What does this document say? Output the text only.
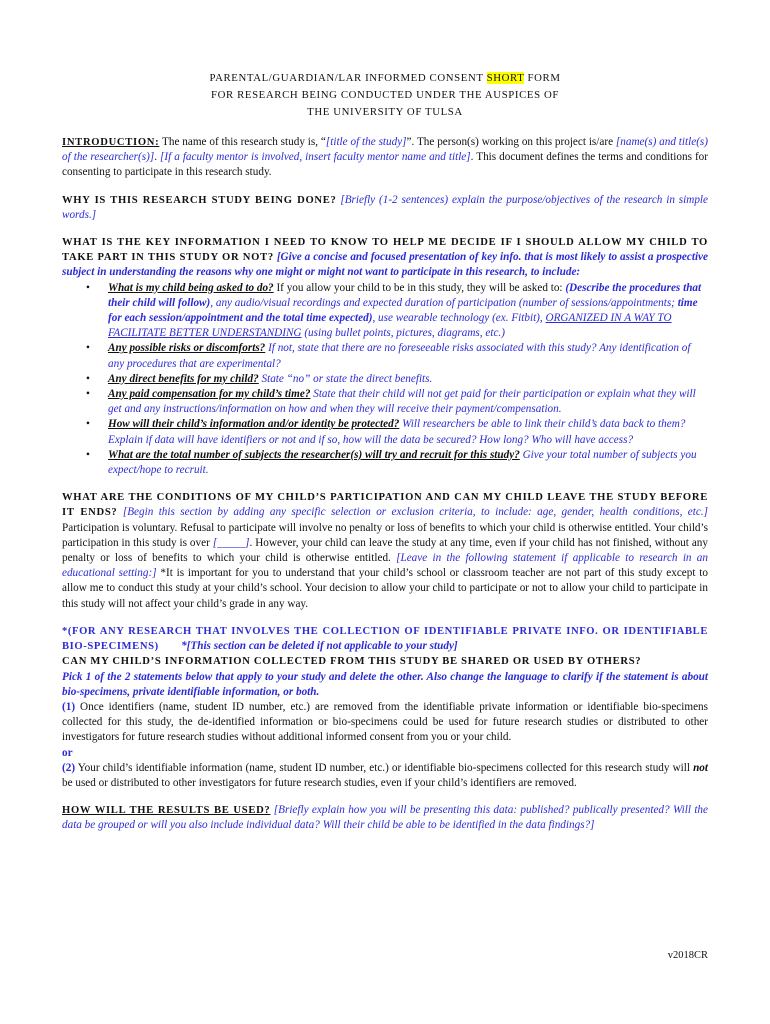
PARENTAL/GUARDIAN/LAR INFORMED CONSENT SHORT FORM
FOR RESEARCH BEING CONDUCTED UNDER THE AUSPICES OF
THE UNIVERSITY OF TULSA

INTRODUCTION: The name of this research study is, “[title of the study]”. The person(s) working on this project is/are [name(s) and title(s) of the researcher(s)]. [If a faculty mentor is involved, insert faculty mentor name and title]. This document defines the terms and conditions for consenting to participate in this research study.

WHY IS THIS RESEARCH STUDY BEING DONE? [Briefly (1-2 sentences) explain the purpose/objectives of the research in simple words.]

WHAT IS THE KEY INFORMATION I NEED TO KNOW TO HELP ME DECIDE IF I SHOULD ALLOW MY CHILD TO TAKE PART IN THIS STUDY OR NOT? [Give a concise and focused presentation of key info. that is most likely to assist a prospective subject in understanding the reasons why one might or might not want to participate in this research, to include:

• What is my child being asked to do? If you allow your child to be in this study, they will be asked to: (Describe the procedures that their child will follow), any audio/visual recordings and expected duration of participation (number of sessions/appointments; time for each session/appointment and the total time expected), use wearable technology (ex. Fitbit), ORGANIZED IN A WAY TO FACILITATE BETTER UNDERSTANDING (using bullet points, pictures, diagrams, etc.)
• Any possible risks or discomforts? If not, state that there are no foreseeable risks associated with this study? Any identification of any procedures that are experimental?
• Any direct benefits for my child? State “no” or state the direct benefits.
• Any paid compensation for my child’s time? State that their child will not get paid for their participation or explain what they will get and any instructions/information on how and when they will receive their payment/compensation.
• How will their child’s information and/or identity be protected? Will researchers be able to link their child’s data back to them? Explain if data will have identifiers or not and if so, how will the data be secured? How long? Who will have access?
• What are the total number of subjects the researcher(s) will try and recruit for this study? Give your total number of subjects you expect/hope to recruit.

WHAT ARE THE CONDITIONS OF MY CHILD’S PARTICIPATION AND CAN MY CHILD LEAVE THE STUDY BEFORE IT ENDS? [Begin this section by adding any specific selection or exclusion criteria, to include: age, gender, health conditions, etc.] Participation is voluntary. Refusal to participate will involve no penalty or loss of benefits to which your child is otherwise entitled. Your child’s participation in this study is over [_____]. However, your child can leave the study at any time, even if your child has not finished, without any penalty or loss of benefits to which your child is otherwise entitled. [Leave in the following statement if applicable to research in an educational setting:] *It is important for you to understand that your child’s school or classroom teacher are not part of this study except to allow me to conduct this study at your child’s school. Your decision to allow your child to participate or not to allow your child to participate in this study will not affect your child’s grade in any way.

*(FOR ANY RESEARCH THAT INVOLVES THE COLLECTION OF IDENTIFIABLE PRIVATE INFO. OR IDENTIFIABLE BIO-SPECIMENS) *[This section can be deleted if not applicable to your study]

CAN MY CHILD’S INFORMATION COLLECTED FROM THIS STUDY BE SHARED OR USED BY OTHERS?

Pick 1 of the 2 statements below that apply to your study and delete the other. Also change the language to clarify if the statement is about bio-specimens, private identifiable information, or both.

(1) Once identifiers (name, student ID number, etc.) are removed from the identifiable private information or identifiable bio-specimens collected for this study, the de-identified information or bio-specimens could be used for future research studies or distributed to other investigators for future research studies without additional informed consent from you or your child.

or

(2) Your child’s identifiable information (name, student ID number, etc.) or identifiable bio-specimens collected for this research study will not be used or distributed to other investigators for future research studies, even if your child’s identifiers are removed.

HOW WILL THE RESULTS BE USED? [Briefly explain how you will be presenting this data: published? publically presented? Will the data be grouped or will you also include individual data? Will their child be able to be identified in the data findings?]

v2018CR
